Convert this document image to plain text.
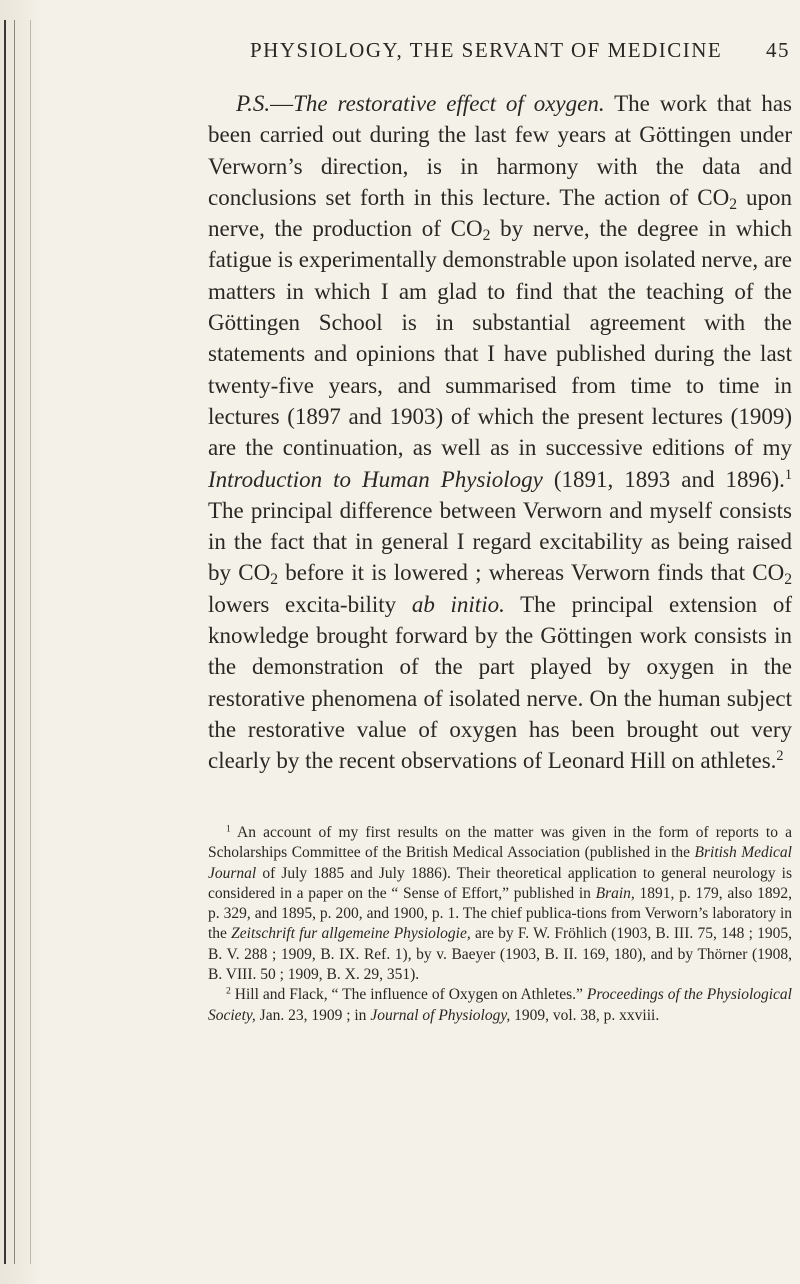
PHYSIOLOGY, THE SERVANT OF MEDICINE 45

P.S.—The restorative effect of oxygen. The work that has been carried out during the last few years at Göttingen under Verworn’s direction, is in harmony with the data and conclusions set forth in this lecture. The action of $CO_2$ upon nerve, the production of $CO_2$ by nerve, the degree in which fatigue is experimentally demonstrable upon isolated nerve, are matters in which I am glad to find that the teaching of the Göttingen School is in substantial agreement with the statements and opinions that I have published during the last twenty-five years, and summarised from time to time in lectures (1897 and 1903) of which the present lectures (1909) are the continuation, as well as in successive editions of my Introduction to Human Physiology (1891, 1893 and 1896).$^1$ The principal difference between Verworn and myself consists in the fact that in general I regard excitability as being raised by $CO_2$ before it is lowered ; whereas Verworn finds that $CO_2$ lowers excita-bility ab initio. The principal extension of knowledge brought forward by the Göttingen work consists in the demonstration of the part played by oxygen in the restorative phenomena of isolated nerve. On the human subject the restorative value of oxygen has been brought out very clearly by the recent observations of Leonard Hill on athletes.$^2$

$^1$ An account of my first results on the matter was given in the form of reports to a Scholarships Committee of the British Medical Association (published in the British Medical Journal of July 1885 and July 1886). Their theoretical application to general neurology is considered in a paper on the “ Sense of Effort,” published in Brain, 1891, p. 179, also 1892, p. 329, and 1895, p. 200, and 1900, p. 1. The chief publica-tions from Verworn’s laboratory in the Zeitschrift fur allgemeine Physiologie, are by F. W. Fröhlich (1903, B. III. 75, 148 ; 1905, B. V. 288 ; 1909, B. IX. Ref. 1), by v. Baeyer (1903, B. II. 169, 180), and by Thörner (1908, B. VIII. 50 ; 1909, B. X. 29, 351).

$^2$ Hill and Flack, “ The influence of Oxygen on Athletes.” Proceedings of the Physiological Society, Jan. 23, 1909 ; in Journal of Physiology, 1909, vol. 38, p. xxviii.
